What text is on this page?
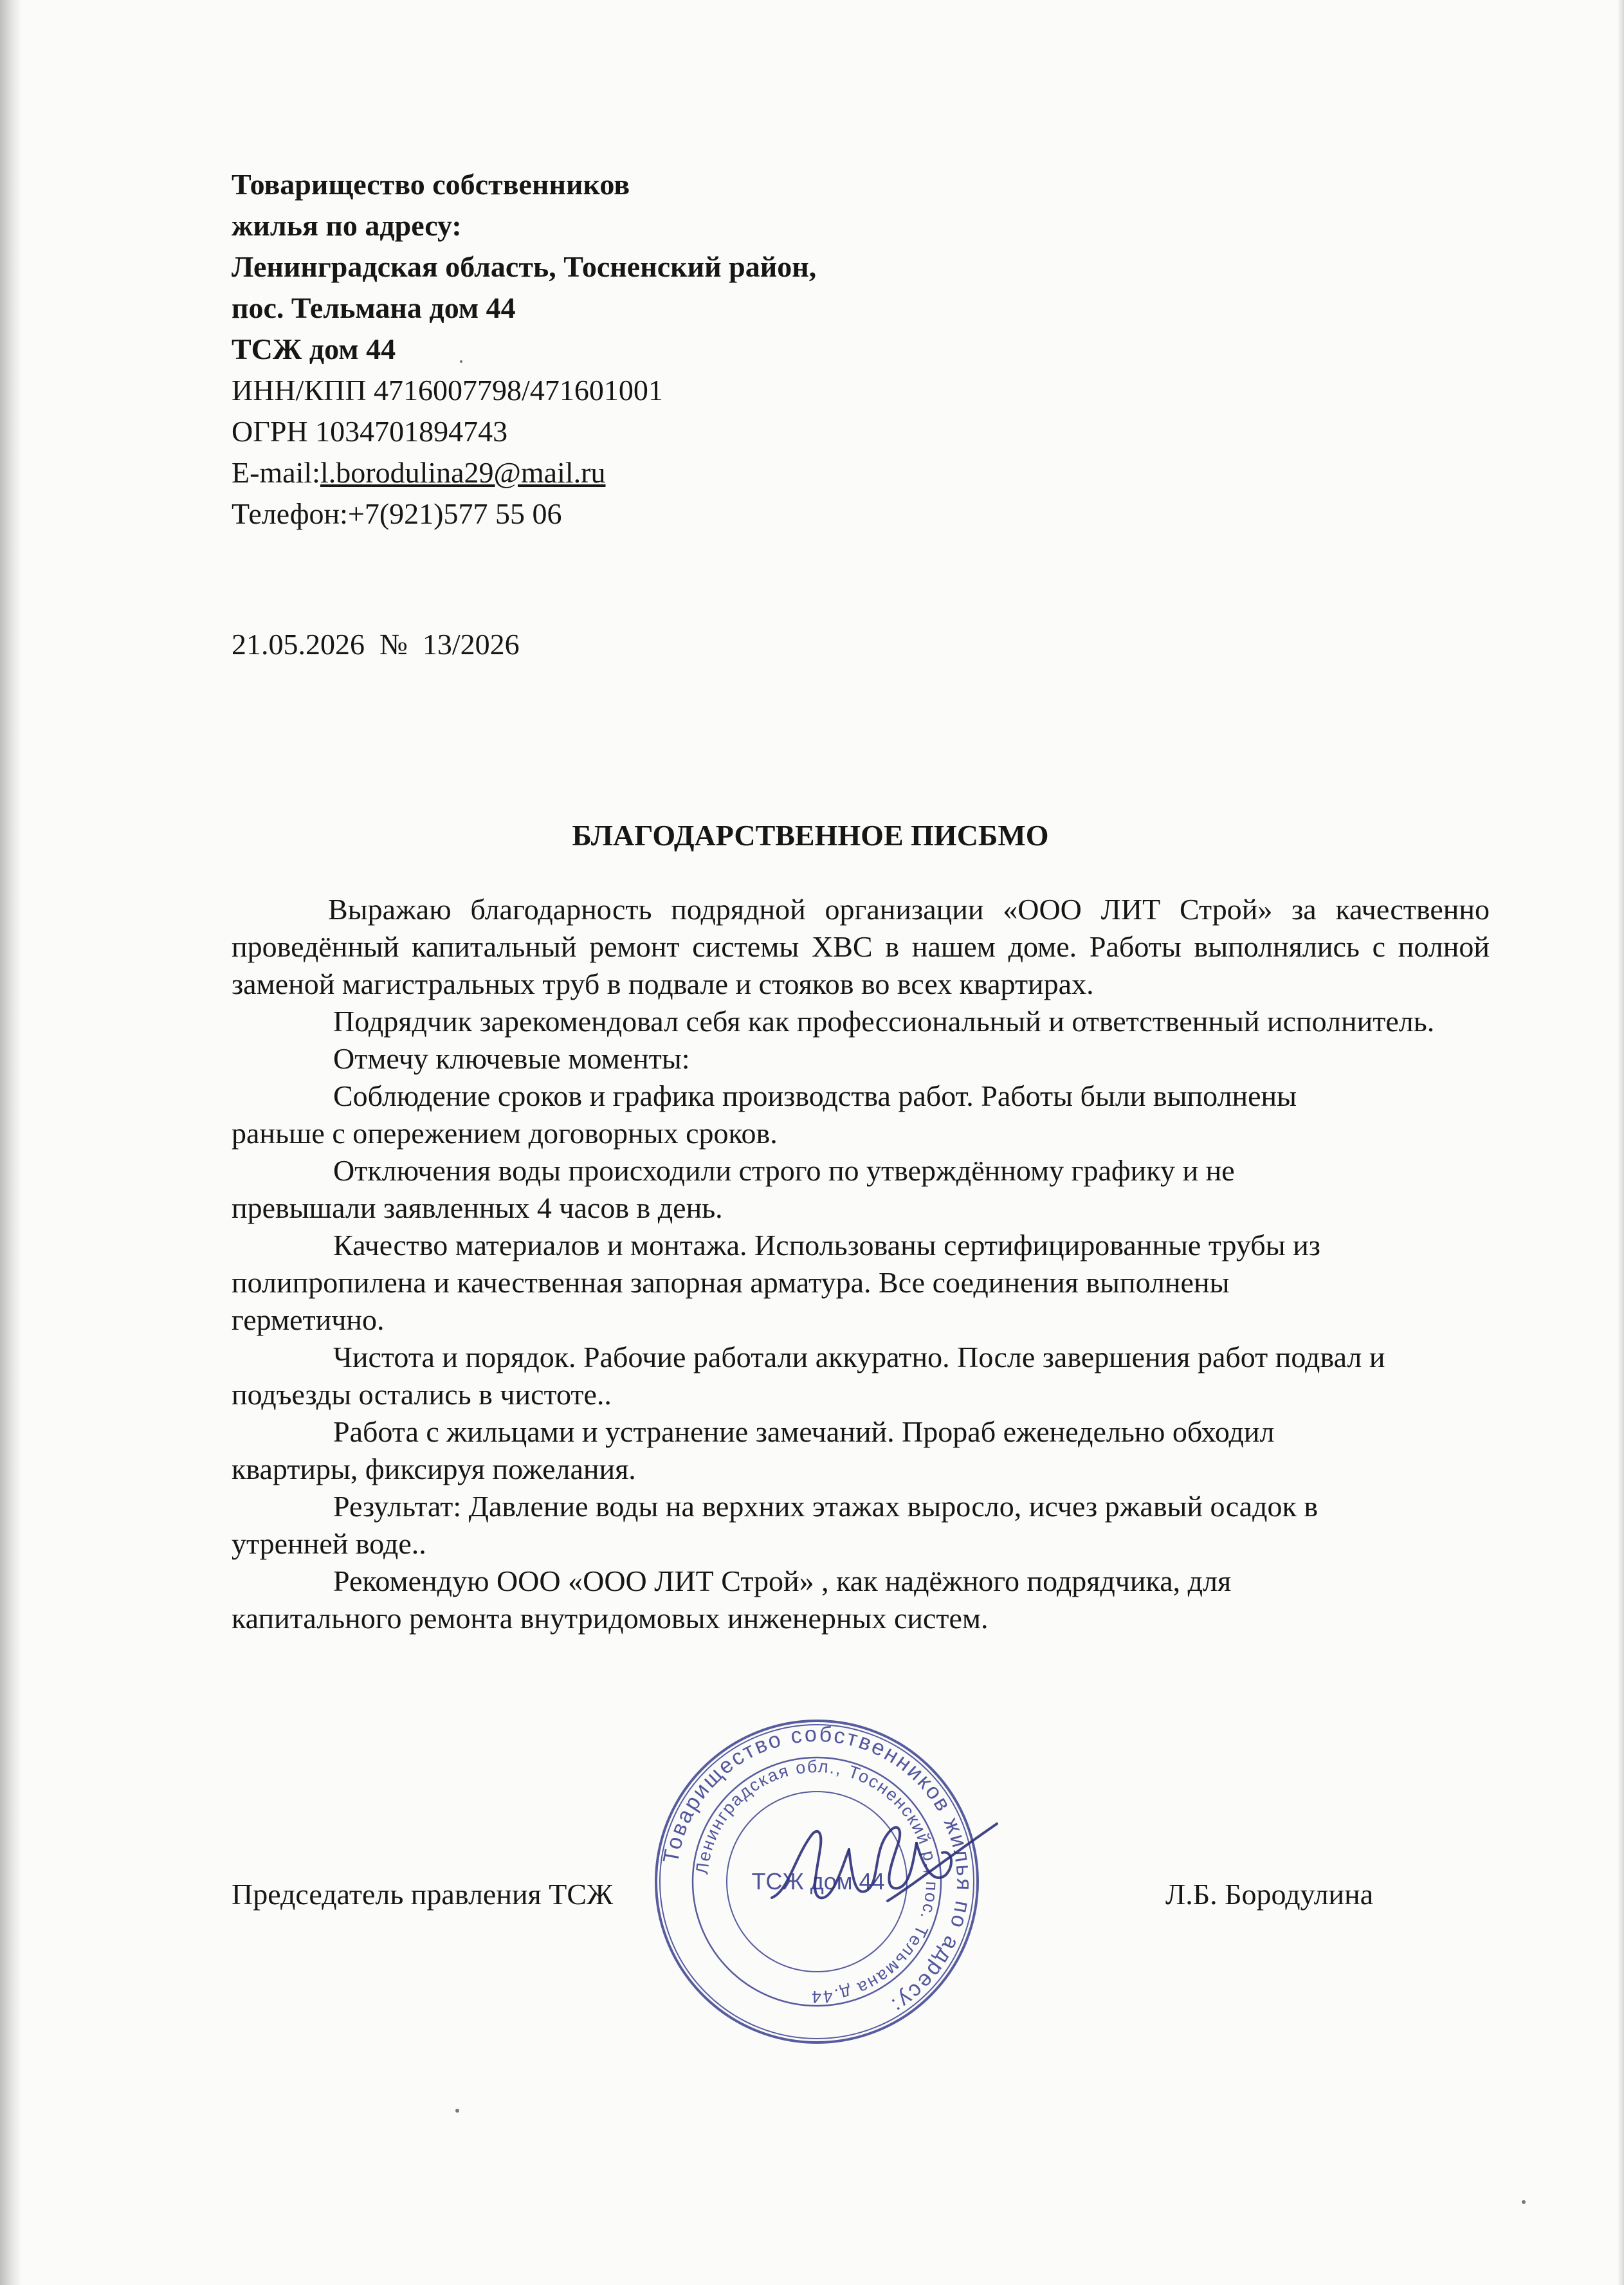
Товарищество собственников
жилья по адресу:
Ленинградская область, Тосненский район,
пос. Тельмана дом 44
ТСЖ дом 44
ИНН/КПП 4716007798/471601001
ОГРН 1034701894743
E-mail:l.borodulina29@mail.ru
Телефон:+7(921)577 55 06
21.05.2026  №  13/2026
БЛАГОДАРСТВЕННОЕ ПИСБМО

Выражаю благодарность подрядной организации «ООО ЛИТ Строй» за качественно проведённый капитальный ремонт системы ХВС в нашем доме. Работы выполнялись с полной заменой магистральных труб в подвале и стояков во всех квартирах.

Подрядчик зарекомендовал себя как профессиональный и ответственный исполнитель.

Отмечу ключевые моменты:

Соблюдение сроков и графика производства работ. Работы были выполнены

раньше с опережением договорных сроков.

Отключения воды происходили строго по утверждённому графику и не

превышали заявленных 4 часов в день.

Качество материалов и монтажа. Использованы сертифицированные трубы из

полипропилена и качественная запорная арматура. Все соединения выполнены

герметично.

Чистота и порядок. Рабочие работали аккуратно. После завершения работ подвал и

подъезды остались в чистоте..

Работа с жильцами и устранение замечаний. Прораб еженедельно обходил

квартиры, фиксируя пожелания.

Результат: Давление воды на верхних этажах выросло, исчез ржавый осадок в

утренней воде..

Рекомендую ООО «ООО ЛИТ Строй» , как надёжного подрядчика, для

капитального ремонта внутридомовых инженерных систем.

Председатель правления ТСЖ	Л.Б. Бородулина
Товарищество собственников жилья по адресу:
Ленинградская обл., Тосненский р., пос. Тельмана д.44
ТСЖ дом 44
